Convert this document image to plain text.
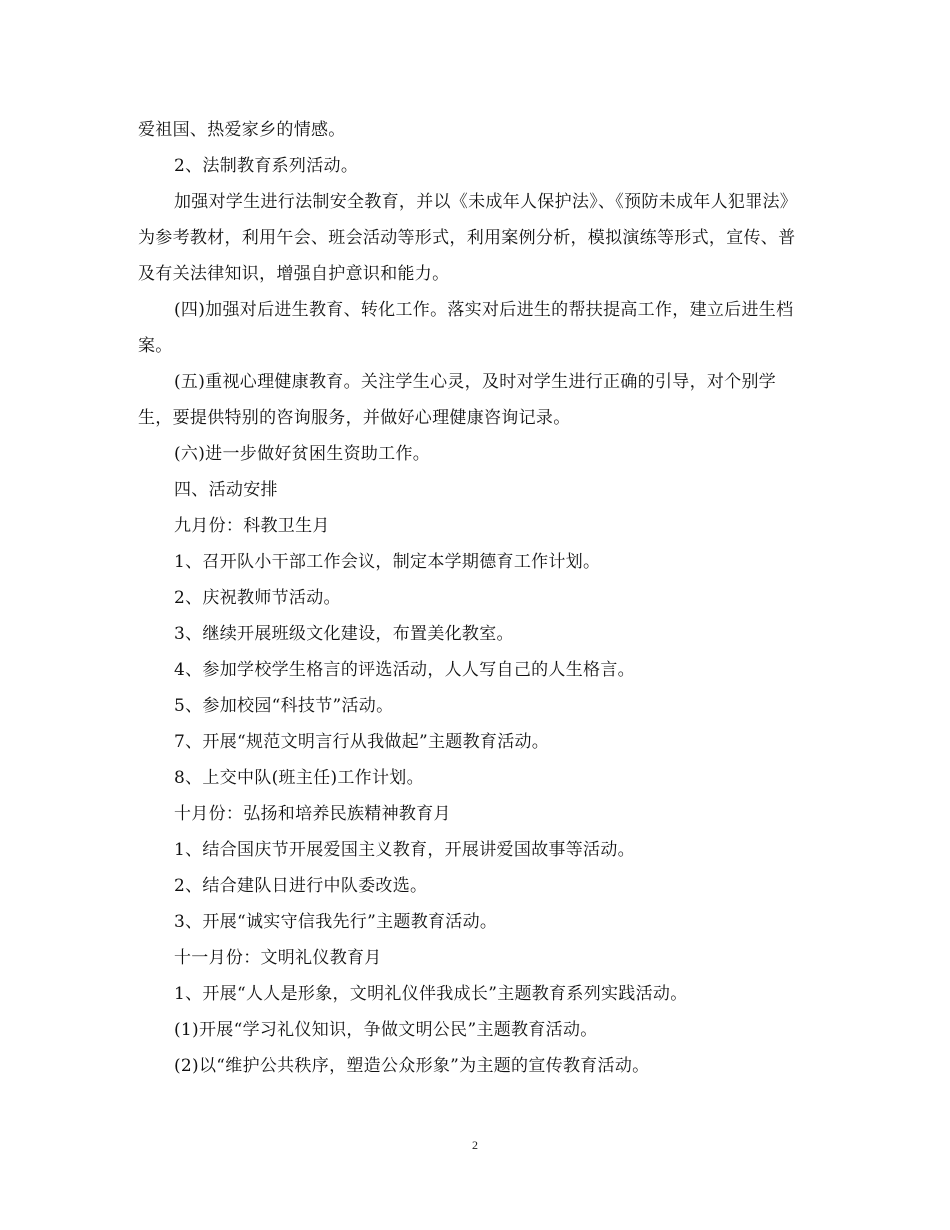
爱祖国、热爱家乡的情感。

2、法制教育系列活动。

加强对学生进行法制安全教育，并以《未成年人保护法》、《预防未成年人犯罪法》为参考教材，利用午会、班会活动等形式，利用案例分析，模拟演练等形式，宣传、普及有关法律知识，增强自护意识和能力。

(四)加强对后进生教育、转化工作。落实对后进生的帮扶提高工作，建立后进生档案。

(五)重视心理健康教育。关注学生心灵，及时对学生进行正确的引导，对个别学生，要提供特别的咨询服务，并做好心理健康咨询记录。

(六)进一步做好贫困生资助工作。

四、活动安排

九月份：科教卫生月

1、召开队小干部工作会议，制定本学期德育工作计划。

2、庆祝教师节活动。

3、继续开展班级文化建设，布置美化教室。

4、参加学校学生格言的评选活动，人人写自己的人生格言。

5、参加校园“科技节”活动。

7、开展“规范文明言行从我做起”主题教育活动。

8、上交中队(班主任)工作计划。

十月份：弘扬和培养民族精神教育月

1、结合国庆节开展爱国主义教育，开展讲爱国故事等活动。

2、结合建队日进行中队委改选。

3、开展“诚实守信我先行”主题教育活动。

十一月份：文明礼仪教育月

1、开展“人人是形象，文明礼仪伴我成长”主题教育系列实践活动。

(1)开展“学习礼仪知识，争做文明公民”主题教育活动。

(2)以“维护公共秩序，塑造公众形象”为主题的宣传教育活动。

2
